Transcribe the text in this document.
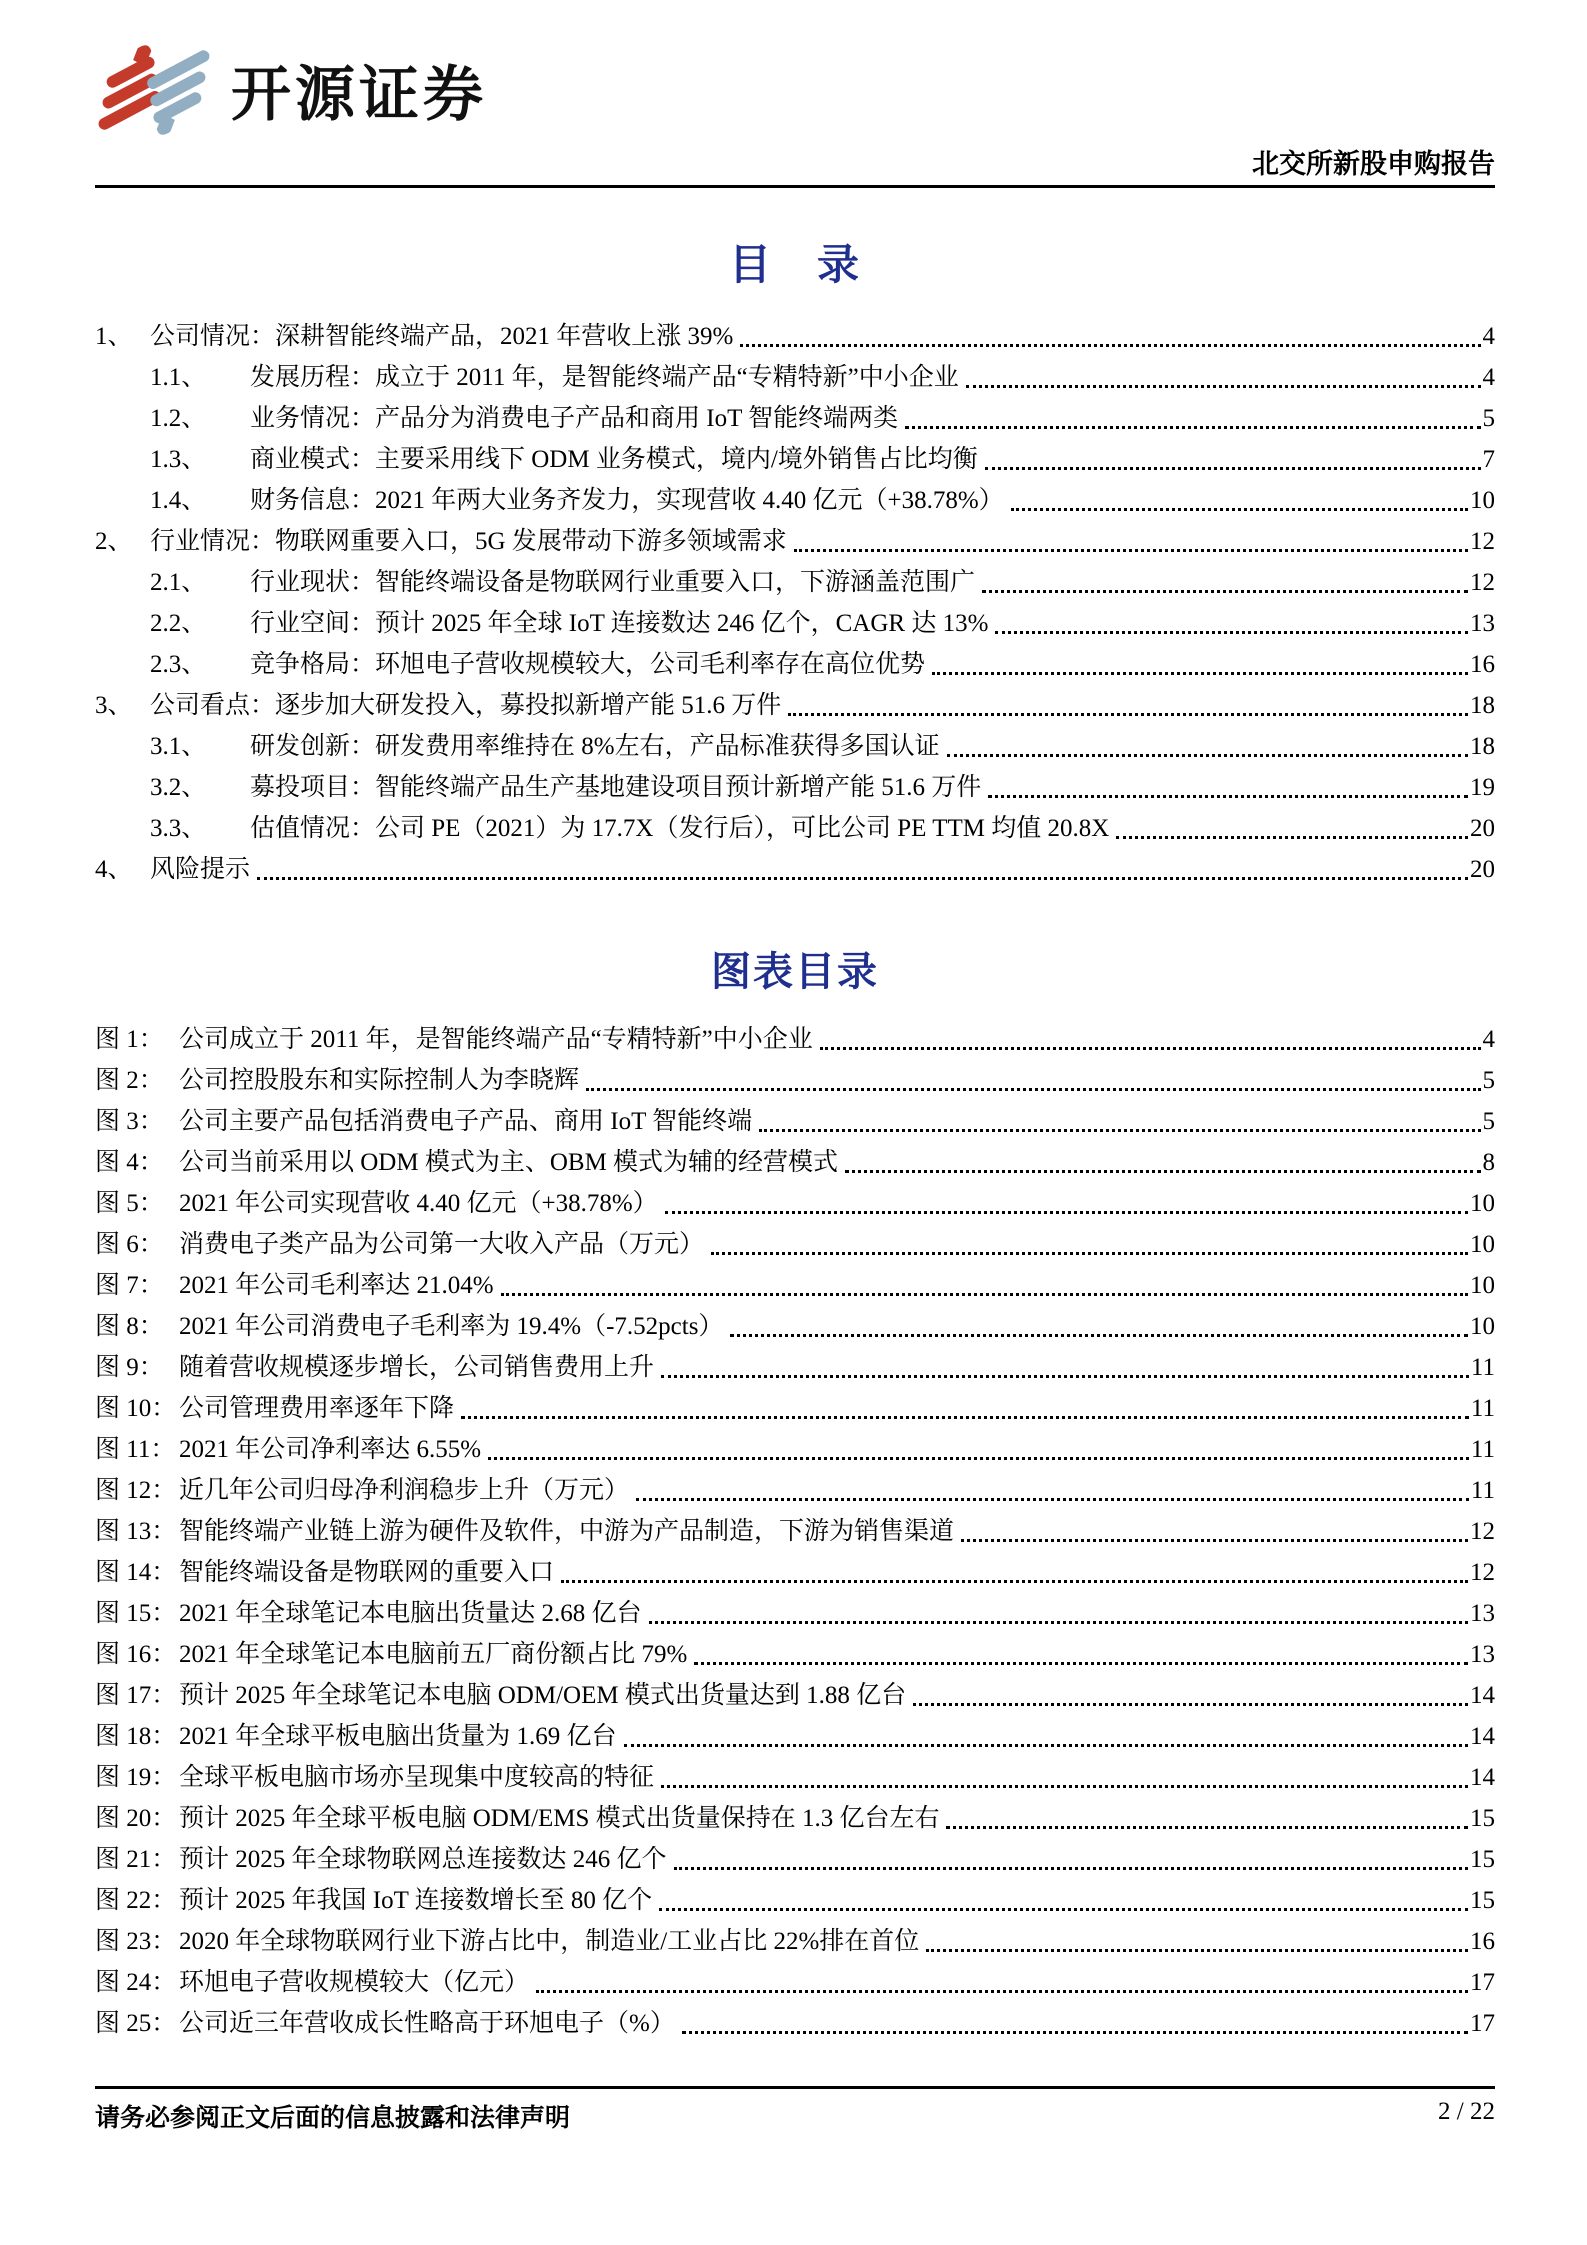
开源证券
北交所新股申购报告
目　录
1、 公司情况：深耕智能终端产品，2021 年营收上涨 39%	4
1.1、	发展历程：成立于 2011 年，是智能终端产品“专精特新”中小企业	4
1.2、	业务情况：产品分为消费电子产品和商用 IoT 智能终端两类	5
1.3、	商业模式：主要采用线下 ODM 业务模式，境内/境外销售占比均衡	7
1.4、	财务信息：2021 年两大业务齐发力，实现营收 4.40 亿元（+38.78%）	10
2、 行业情况：物联网重要入口，5G 发展带动下游多领域需求	12
2.1、	行业现状：智能终端设备是物联网行业重要入口，下游涵盖范围广	12
2.2、	行业空间：预计 2025 年全球 IoT 连接数达 246 亿个，CAGR 达 13%	13
2.3、	竞争格局：环旭电子营收规模较大，公司毛利率存在高位优势	16
3、 公司看点：逐步加大研发投入，募投拟新增产能 51.6 万件	18
3.1、	研发创新：研发费用率维持在 8%左右，产品标准获得多国认证	18
3.2、	募投项目：智能终端产品生产基地建设项目预计新增产能 51.6 万件	19
3.3、	估值情况：公司 PE（2021）为 17.7X（发行后），可比公司 PE TTM 均值 20.8X	20
4、 风险提示	20
图表目录
图 1： 公司成立于 2011 年，是智能终端产品“专精特新”中小企业	4
图 2： 公司控股股东和实际控制人为李晓辉	5
图 3： 公司主要产品包括消费电子产品、商用 IoT 智能终端	5
图 4： 公司当前采用以 ODM 模式为主、OBM 模式为辅的经营模式	8
图 5： 2021 年公司实现营收 4.40 亿元（+38.78%）	10
图 6： 消费电子类产品为公司第一大收入产品（万元）	10
图 7： 2021 年公司毛利率达 21.04%	10
图 8： 2021 年公司消费电子毛利率为 19.4%（-7.52pcts）	10
图 9： 随着营收规模逐步增长，公司销售费用上升	11
图 10： 公司管理费用率逐年下降	11
图 11： 2021 年公司净利率达 6.55%	11
图 12： 近几年公司归母净利润稳步上升（万元）	11
图 13： 智能终端产业链上游为硬件及软件，中游为产品制造，下游为销售渠道	12
图 14： 智能终端设备是物联网的重要入口	12
图 15： 2021 年全球笔记本电脑出货量达 2.68 亿台	13
图 16： 2021 年全球笔记本电脑前五厂商份额占比 79%	13
图 17： 预计 2025 年全球笔记本电脑 ODM/OEM 模式出货量达到 1.88 亿台	14
图 18： 2021 年全球平板电脑出货量为 1.69 亿台	14
图 19： 全球平板电脑市场亦呈现集中度较高的特征	14
图 20： 预计 2025 年全球平板电脑 ODM/EMS 模式出货量保持在 1.3 亿台左右	15
图 21： 预计 2025 年全球物联网总连接数达 246 亿个	15
图 22： 预计 2025 年我国 IoT 连接数增长至 80 亿个	15
图 23： 2020 年全球物联网行业下游占比中，制造业/工业占比 22%排在首位	16
图 24： 环旭电子营收规模较大（亿元）	17
图 25： 公司近三年营收成长性略高于环旭电子（%）	17
请务必参阅正文后面的信息披露和法律声明	2 / 22
